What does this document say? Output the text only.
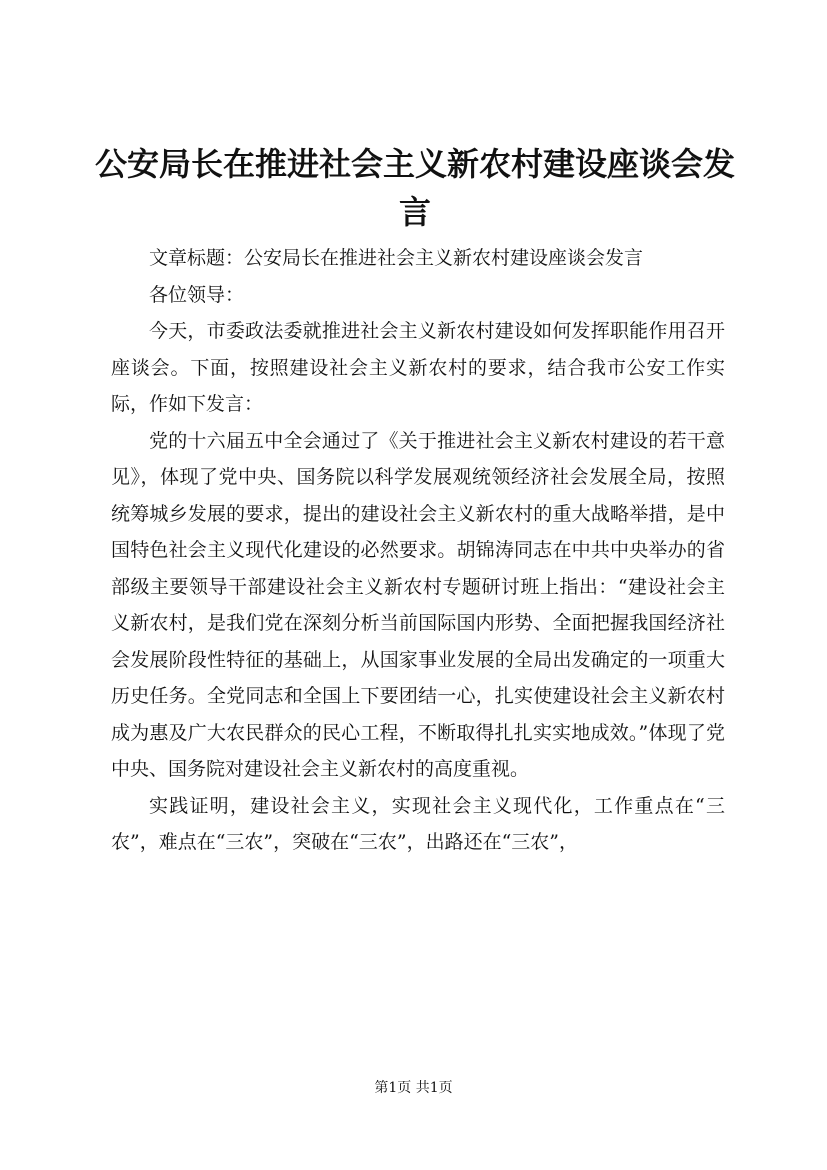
公安局长在推进社会主义新农村建设座谈会发言

文章标题：公安局长在推进社会主义新农村建设座谈会发言

各位领导：

今天，市委政法委就推进社会主义新农村建设如何发挥职能作用召开座谈会。下面，按照建设社会主义新农村的要求，结合我市公安工作实际，作如下发言：

党的十六届五中全会通过了《关于推进社会主义新农村建设的若干意见》，体现了党中央、国务院以科学发展观统领经济社会发展全局，按照统筹城乡发展的要求，提出的建设社会主义新农村的重大战略举措，是中国特色社会主义现代化建设的必然要求。胡锦涛同志在中共中央举办的省部级主要领导干部建设社会主义新农村专题研讨班上指出：“建设社会主义新农村，是我们党在深刻分析当前国际国内形势、全面把握我国经济社会发展阶段性特征的基础上，从国家事业发展的全局出发确定的一项重大历史任务。全党同志和全国上下要团结一心，扎实使建设社会主义新农村成为惠及广大农民群众的民心工程，不断取得扎扎实实地成效。”体现了党中央、国务院对建设社会主义新农村的高度重视。

实践证明，建设社会主义，实现社会主义现代化，工作重点在“三农”，难点在“三农”，突破在“三农”，出路还在“三农”，

第1页 共1页
